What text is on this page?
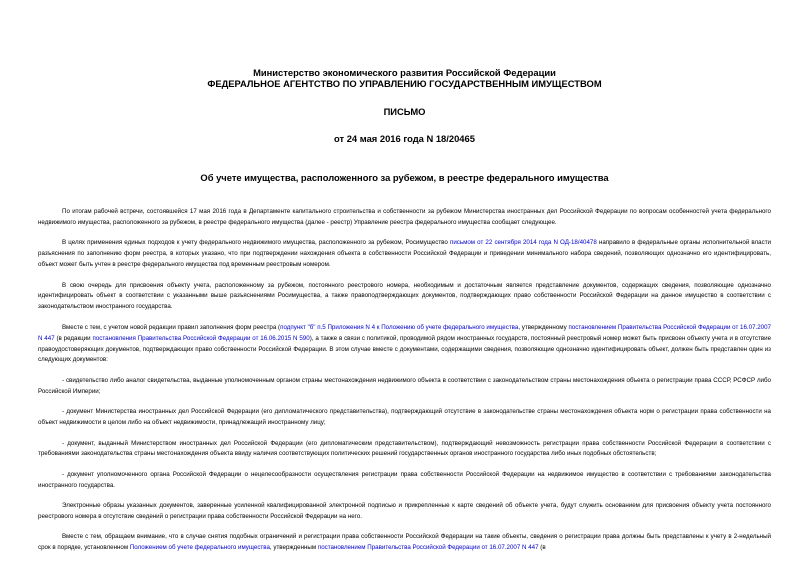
Министерство экономического развития Российской Федерации
ФЕДЕРАЛЬНОЕ АГЕНТСТВО ПО УПРАВЛЕНИЮ ГОСУДАРСТВЕННЫМ ИМУЩЕСТВОМ
ПИСЬМО
от 24 мая 2016 года N 18/20465
Об учете имущества, расположенного за рубежом, в реестре федерального имущества

По итогам рабочей встречи, состоявшейся 17 мая 2016 года в Департаменте капитального строительства и собственности за рубежом Министерства иностранных дел Российской Федерации по вопросам особенностей учета федерального недвижимого имущества, расположенного за рубежом, в реестре федерального имущества (далее - реестр) Управление реестра федерального имущества сообщает следующее.

В целях применения единых подходов к учету федерального недвижимого имущества, расположенного за рубежом, Росимущество письмом от 22 сентября 2014 года N ОД-18/40478 направило в федеральные органы исполнительной власти разъяснения по заполнению форм реестра, в которых указано, что при подтверждении нахождения объекта в собственности Российской Федерации и приведении минимального набора сведений, позволяющих однозначно его идентифицировать, объект может быть учтен в реестре федерального имущества под временным реестровым номером.

В свою очередь для присвоения объекту учета, расположенному за рубежом, постоянного реестрового номера, необходимым и достаточным является представление документов, содержащих сведения, позволяющие однозначно идентифицировать объект в соответствии с указанными выше разъяснениями Росимущества, а также правоподтверждающих документов, подтверждающих право собственности Российской Федерации на данное имущество в соответствии с законодательством иностранного государства.

Вместе с тем, с учетом новой редакции правил заполнения форм реестра (подпункт "б" п.5 Приложения N 4 к Положению об учете федерального имущества, утвержденному постановлением Правительства Российской Федерации от 16.07.2007 N 447 (в редакции постановления Правительства Российской Федерации от 16.06.2015 N 590), а также в связи с политикой, проводимой рядом иностранных государств, постоянный реестровый номер может быть присвоен объекту учета и в отсутствие правоудостоверяющих документов, подтверждающих право собственности Российской Федерации. В этом случае вместе с документами, содержащими сведения, позволяющие однозначно идентифицировать объект, должен быть представлен один из следующих документов:

- свидетельство либо аналог свидетельства, выданные уполномоченным органом страны местонахождения недвижимого объекта в соответствии с законодательством страны местонахождения объекта о регистрации права СССР, РСФСР либо Российской Империи;

- документ Министерства иностранных дел Российской Федерации (его дипломатического представительства), подтверждающий отсутствие в законодательстве страны местонахождения объекта норм о регистрации права собственности на объект недвижимости в целом либо на объект недвижимости, принадлежащий иностранному лицу;

- документ, выданный Министерством иностранных дел Российской Федерации (его дипломатическим представительством), подтверждающий невозможность регистрации права собственности Российской Федерации в соответствии с требованиями законодательства страны местонахождения объекта ввиду наличия соответствующих политических решений государственных органов иностранного государства либо иных подобных обстоятельств;

- документ уполномоченного органа Российской Федерации о нецелесообразности осуществления регистрации права собственности Российской Федерации на недвижимое имущество в соответствии с требованиями законодательства иностранного государства.

Электронные образы указанных документов, заверенные усиленной квалифицированной электронной подписью и прикрепленные к карте сведений об объекте учета, будут служить основанием для присвоения объекту учета постоянного реестрового номера в отсутствие сведений о регистрации права собственности Российской Федерации на него.

Вместе с тем, обращаем внимание, что в случае снятия подобных ограничений и регистрации права собственности Российской Федерации на такие объекты, сведения о регистрации права должны быть представлены к учету в 2-недельный срок в порядке, установленном Положением об учете федерального имущества, утвержденным постановлением Правительства Российской Федерации от 16.07.2007 N 447 (в
